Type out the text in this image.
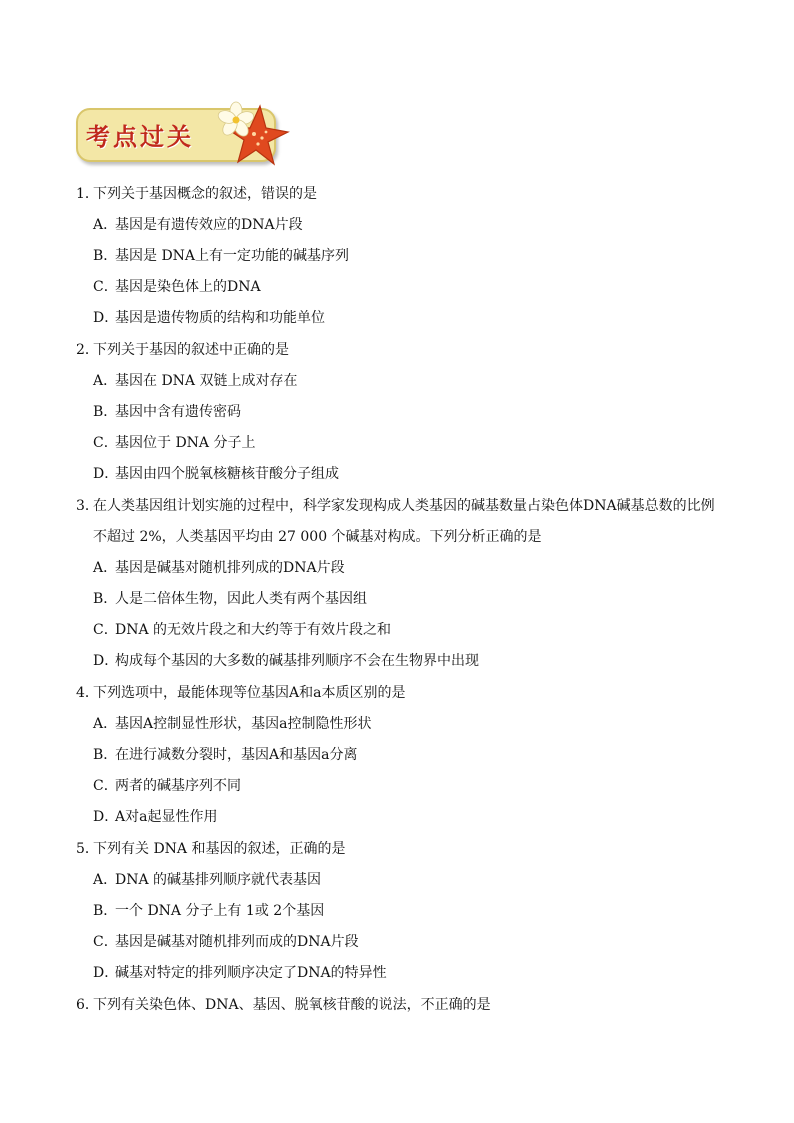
考点过关
1．下列关于基因概念的叙述，错误的是
A．基因是有遗传效应的DNA片段
B．基因是 DNA上有一定功能的碱基序列
C．基因是染色体上的DNA
D．基因是遗传物质的结构和功能单位
2．下列关于基因的叙述中正确的是
A．基因在 DNA 双链上成对存在
B．基因中含有遗传密码
C．基因位于 DNA 分子上
D．基因由四个脱氧核糖核苷酸分子组成
3．在人类基因组计划实施的过程中，科学家发现构成人类基因的碱基数量占染色体DNA碱基总数的比例
不超过 2%，人类基因平均由 27 000 个碱基对构成。下列分析正确的是
A．基因是碱基对随机排列成的DNA片段
B．人是二倍体生物，因此人类有两个基因组
C．DNA 的无效片段之和大约等于有效片段之和
D．构成每个基因的大多数的碱基排列顺序不会在生物界中出现
4．下列选项中，最能体现等位基因A和a本质区别的是
A．基因A控制显性形状，基因a控制隐性形状
B．在进行减数分裂时，基因A和基因a分离
C．两者的碱基序列不同
D．A对a起显性作用
5．下列有关 DNA 和基因的叙述，正确的是
A．DNA 的碱基排列顺序就代表基因
B．一个 DNA 分子上有 1或 2个基因
C．基因是碱基对随机排列而成的DNA片段
D．碱基对特定的排列顺序决定了DNA的特异性
6．下列有关染色体、DNA、基因、脱氧核苷酸的说法，不正确的是
